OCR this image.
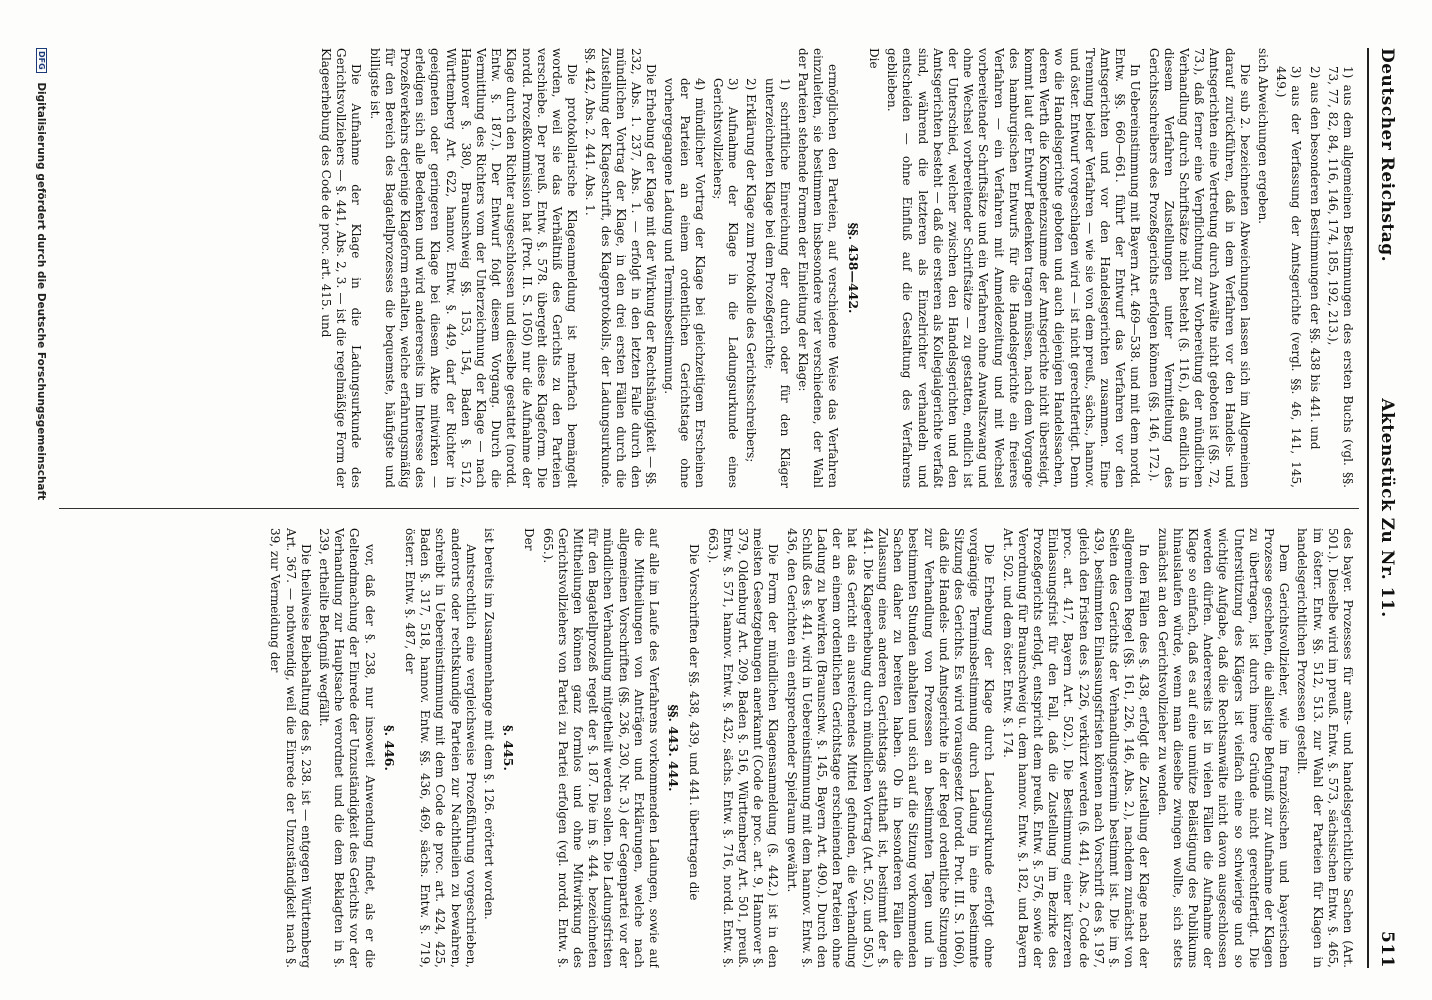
Deutscher Reichstag.
Aktenstück Zu Nr. 11.
511

1) aus dem allgemeinen Bestimmungen des ersten Buchs (vgl. §§. 73, 77, 82, 84, 116, 146, 174, 185, 192, 213.),

2) aus den besonderen Bestimmungen der §§. 438 bis 441. und

3) aus der Verfassung der Amtsgerichte (vergl. §§. 46, 141, 145, 449.)

sich Abweichungen ergeben.

Die sub 2. bezeichneten Abweichungen lassen sich im Allgemeinen darauf zurückführen, daß in dem Verfahren vor den Handels- und Amtsgerichten eine Vertretung durch Anwälte nicht geboten ist (§§. 72, 73.), daß ferner eine Verpflichtung zur Vorbereitung der mündlichen Verhandlung durch Schriftsätze nicht besteht (§. 116.), daß endlich in diesem Verfahren Zustellungen unter Vermittelung des Gerichtsschreibers des Prozeßgerichts erfolgen können (§§. 146, 172.).

In Uebereinstimmung mit Bayern Art. 469—538. und mit dem nordd. Entw. §§. 660—661. führt der Entwurf das Verfahren vor den Amtsgerichten und vor den Handelsgerichten zusammen. Eine Trennung beider Verfahren — wie sie von dem preuß., sächs., hannov. und öster. Entwurf vorgeschlagen wird — ist nicht gerechtfertigt. Denn wo die Handelsgerichte geboten und auch diejenigen Handelssachen, deren Werth die Kompetenzsumme der Amtsgerichte nicht übersteigt, kommt laut der Entwurf Bedenken tragen müssen, nach dem Vorgange des hamburgischen Entwurfs für die Handelsgerichte ein freieres Verfahren — ein Verfahren mit Anmeldezeitung und mit Wechsel vorbereitender Schriftsätze und ein Verfahren ohne Anwaltszwang und ohne Wechsel vorbereitender Schriftsätze — zu gestatten, endlich ist der Unterschied, welcher zwischen den Handelsgerichten und den Amtsgerichten besteht — daß die ersteren als Kollegialgerichte verfaßt sind, während die letzteren als Einzelrichter verhandeln und entscheiden — ohne Einfluß auf die Gestaltung des Verfahrens geblieben.

Die

§§. 438—442.

ermöglichen den Parteien, auf verschiedene Weise das Verfahren einzuleiten, sie bestimmen insbesondere vier verschiedene, der Wahl der Parteien stehende Formen der Einleitung der Klage:

1) schriftliche Einreichung der durch oder für den Kläger unterzeichneten Klage bei dem Prozeßgerichte;

2) Erklärung der Klage zum Protokolle des Gerichtsschreibers;

3) Aufnahme der Klage in die Ladungsurkunde eines Gerichtsvollziehers;

4) mündlicher Vortrag der Klage bei gleichzeitigem Erscheinen der Parteien an einem ordentlichen Gerichtstage ohne vorhergegangene Ladung und Terminsbestimmung.

Die Erhebung der Klage mit der Wirkung der Rechtshängigkeit — §§. 232, Abs. 1. 237, Abs. 1. — erfolgt in den letzten Falle durch den mündlichen Vortrag der Klage, in den drei ersten Fällen durch die Zustellung der Klageschrift, des Klageprotokolls, der Ladungsurkunde. §§. 442, Abs. 2. 441. Abs. 1.

Die protokollarische Klageanmeldung ist mehrfach bemängelt worden, weil sie das Verhältniß des Gerichts zu den Parteien verschiebe. Der preuß. Entw. §. 578. übergeht diese Klageform. Die nordd. Prozeßkommission hat (Prot. II. S. 1050) nur die Aufnahme der Klage durch den Richter ausgeschlossen und dieselbe gestattet (nordd. Entw. §. 187.). Der Entwurf folgt diesem Vorgang. Durch die Vermittlung des Richters vom der Unterzeichnung der Klage — nach Hannover §. 380, Braunschweig §§. 153, 154, Baden §. 512, Württemberg Art. 622, hannov. Entw. §. 449, darf der Richter in geeigneten oder geringeren Klage bei diesem Akte mitwirken — erledigen sich alle Bedenken und wird andererseits im Interesse des Prozeßverkehrs derjenige Klageform erhalten, welche erfahrungsmäßig für den Bereich des Bagatellprozesses die bequemste, häufigste und billigste ist.

Die Aufnahme der Klage in die Ladungsurkunde des Gerichtsvollziehers — §. 441, Abs. 2, 3. — ist die regelmäßige Form der Klageerhebung des Code de proc. art. 415. und

des bayer. Prozesses für amts- und handelsgerichtliche Sachen (Art. 501.). Dieselbe wird im preuß. Entw. §. 573, sächsischen Entw. §. 465, im österr. Entw. §§. 512, 513. zur Wahl der Parteien für Klagen in handelsgerichtlichen Prozessen gestellt.

Dem Gerichtsvollzieher, wie im französischen und bayerischen Prozesse geschehen, die allseitige Befugniß zur Aufnahme der Klagen zu übertragen, ist durch innere Gründe nicht gerechtfertigt. Die Unterstützung des Klägers ist vielfach eine so schwierige und so wichtige Aufgabe, daß die Rechtsanwälte nicht davon ausgeschlossen werden dürfen. Andererseits ist in vielen Fällen die Aufnahme der Klage so einfach, daß es auf eine unnütze Belästigung des Publikums hinauslaufen würde, wenn man dieselbe zwingen wollte, sich stets zunächst an den Gerichtsvollzieher zu wenden.

In den Fällen des §. 438, erfolgt die Zustellung der Klage nach der allgemeinen Regel (§§. 161, 226, 146, Abs. 2.), nachdem zunächst von Seiten des Gerichts der Verhandlungstermin bestimmt ist. Die im §. 439, bestimmten Einlassungsfristen können nach Vorschrift des §. 197, gleich den Fristen des §. 226, verkürzt werden (§. 441, Abs. 2, Code de proc. art. 417, Bayern Art. 502.). Die Bestimmung einer kürzeren Einlassungsfrist für den Fall, daß die Zustellung im Bezirke des Prozeßgerichts erfolgt, entspricht dem preuß. Entw. §. 576, sowie der Verordnung für Braunschweig u. dem hannov. Entw. §. 182, und Bayern Art. 502. und dem öster. Entw. §. 174.

Die Erhebung der Klage durch Ladungsurkunde erfolgt ohne vorgängige Terminsbestimmung durch Ladung in eine bestimmte Sitzung des Gerichts. Es wird vorausgesetzt (nordd. Prot. III. S. 1060), daß die Handels- und Amtsgerichte in der Regel ordentliche Sitzungen zur Verhandlung von Prozessen an bestimmten Tagen und in bestimmten Stunden abhalten und sich auf die Sitzung vorkommenden Sachen daher zu bereiten haben. Ob in besonderen Fällen die Zulassung eines anderen Gerichtstags statthaft ist, bestimmt der §. 441. Die Klageerhebung durch mündlichen Vortrag (Art. 502. und 505.) hat das Gericht ein ausreichendes Mittel gefunden, die Verhandlung der an einem ordentlichen Gerichtstage erscheinenden Parteien ohne Ladung zu bewirken (Braunschw. §. 145, Bayern Art. 490.). Durch den Schluß des §. 441, wird in Uebereinstimmung mit dem hannov. Entw. §. 436, den Gerichten ein entsprechender Spielraum gewährt.

Die Form der mündlichen Klagensanmeldung (§. 442.) ist in den meisten Gesetzgebungen anerkannt (Code de proc. art. 9, Hannover §. 379, Oldenburg Art. 209, Baden §. 516, Württemberg Art. 501, preuß. Entw. §. 571, hannov. Entw. §. 432, sächs. Entw. §. 716, nordd. Entw. §. 663.).

Die Vorschriften der §§. 438, 439, und 441. übertragen die

§§. 443. 444.

auf alle im Laufe des Verfahrens vorkommenden Ladungen, sowie auf die Mittheilungen von Anträgen und Erklärungen, welche nach allgemeinen Vorschriften (§§. 236, 230, Nr. 3.) der Gegenpartei vor der mündlichen Verhandlung mitgetheilt werden sollen. Die Ladungsfristen für den Bagatellprozeß regelt der §. 187. Die im §. 444. bezeichneten Mittheilungen können ganz formlos und ohne Mitwirkung des Gerichtsvollziehers von Partei zu Partei erfolgen (vgl. nordd. Entw. §. 665.).

Der

§. 445.

ist bereits im Zusammenhange mit dem §. 126. erörtert worden.

Amtsrechtlich eine vergleichsweise Prozeßführung vorgeschrieben, anderorts oder rechtskundige Parteien zur Nachtheilen zu bewahren, schreibt in Uebereinstimmung mit dem Code de proc. art. 424, 425, Baden §. 317, 518, hannov. Entw. §§. 436, 469, sächs. Entw. §. 719, österr. Entw. §. 487, der

§. 446.

vor, daß der §. 238, nur insoweit Anwendung findet, als er die Geltendmachung der Einrede der Unzuständigkeit des Gerichts vor der Verhandlung zur Hauptsache verordnet und die dem Beklagten in §. 239, ertheilte Befugniß wegfällt.

Die theilweise Beibehaltung des §. 238. ist — entgegen Württemberg Art. 367. — nothwendig, weil die Einrede der Unzuständigkeit nach §. 39, zur Vermeidung der

DFG Digitalisierung gefördert durch die Deutsche Forschungsgemeinschaft
